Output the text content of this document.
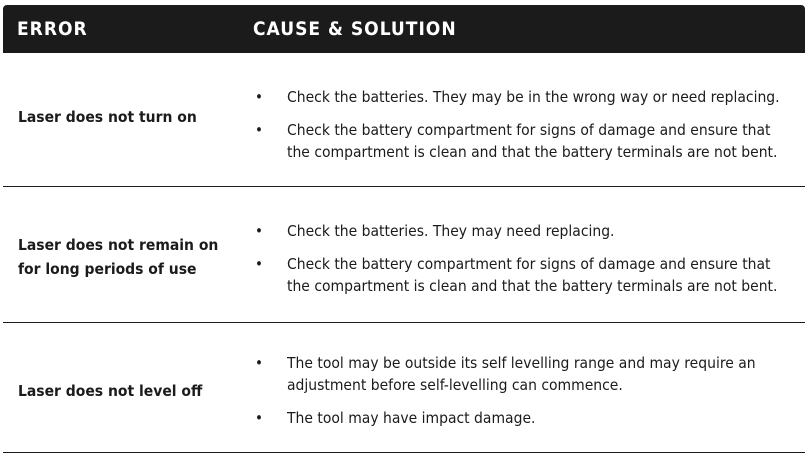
ERROR	CAUSE & SOLUTION
Laser does not turn on
• Check the batteries. They may be in the wrong way or need replacing.
• Check the battery compartment for signs of damage and ensure that the compartment is clean and that the battery terminals are not bent.
Laser does not remain on for long periods of use
• Check the batteries. They may need replacing.
• Check the battery compartment for signs of damage and ensure that the compartment is clean and that the battery terminals are not bent.
Laser does not level off
• The tool may be outside its self levelling range and may require an adjustment before self-levelling can commence.
• The tool may have impact damage.
